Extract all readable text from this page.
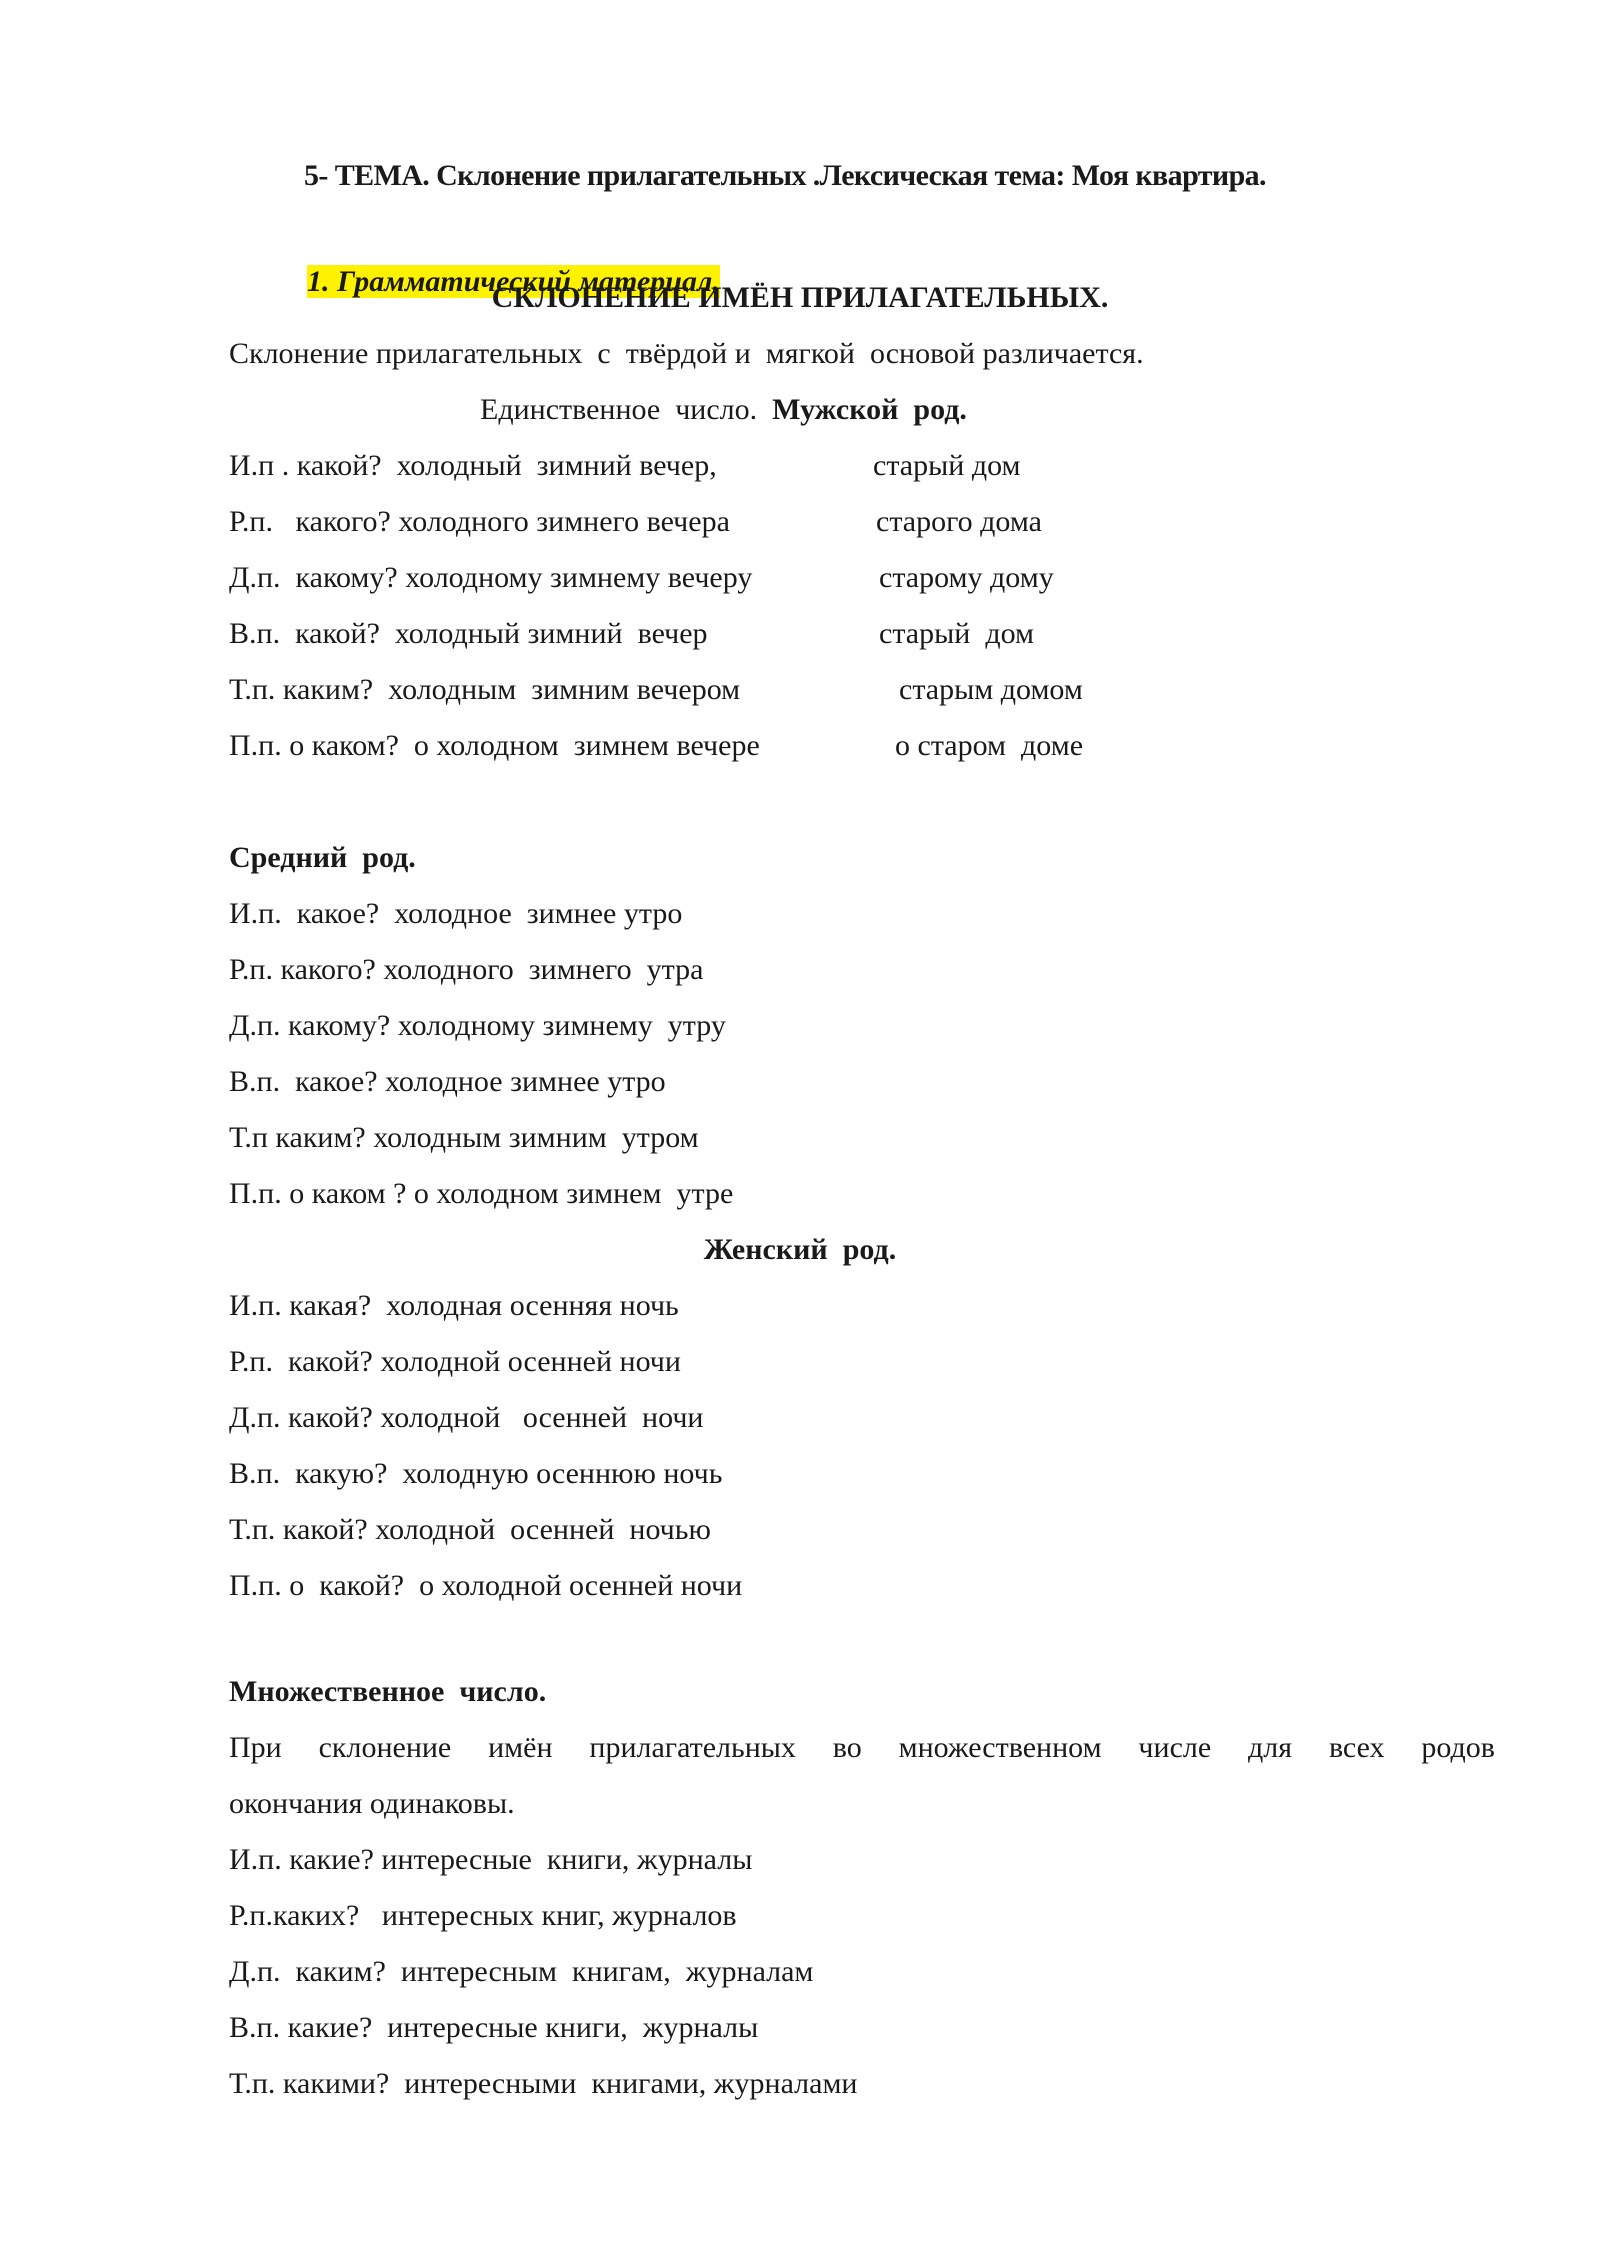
5- ТЕМА. Склонение прилагательных .Лексическая тема: Моя квартира.

1. Грамматический материал.

СКЛОНЕНИЕ ИМЁН ПРИЛАГАТЕЛЬНЫХ.
Склонение прилагательных  с  твёрдой и  мягкой  основой различается.
Единственное  число. Мужской  род.
И.п . какой?  холодный  зимний вечер,	старый дом
Р.п.   какого? холодного зимнего вечера	старого дома
Д.п.  какому? холодному зимнему вечеру	старому дому
В.п.  какой?  холодный зимний  вечер	старый  дом
Т.п. каким?  холодным  зимним вечером	старым домом
П.п. о каком?  о холодном  зимнем вечере	о старом  доме
Средний  род.
И.п.  какое?  холодное  зимнее утро
Р.п. какого? холодного  зимнего  утра
Д.п. какому? холодному зимнему  утру
В.п.  какое? холодное зимнее утро
Т.п каким? холодным зимним  утром
П.п. о каком ? о холодном зимнем  утре
Женский  род.
И.п. какая?  холодная осенняя ночь
Р.п.  какой? холодной осенней ночи
Д.п. какой? холодной   осенней  ночи
В.п.  какую?  холодную осеннюю ночь
Т.п. какой? холодной  осенней  ночью
П.п. о  какой?  о холодной осенней ночи
Множественное  число.
При склонение имён прилагательных во множественном числе для всех родов
окончания одинаковы.
И.п. какие? интересные  книги, журналы
Р.п.каких?   интересных книг, журналов
Д.п.  каким?  интересным  книгам,  журналам
В.п. какие?  интересные книги,  журналы
Т.п. какими?  интересными  книгами, журналами
